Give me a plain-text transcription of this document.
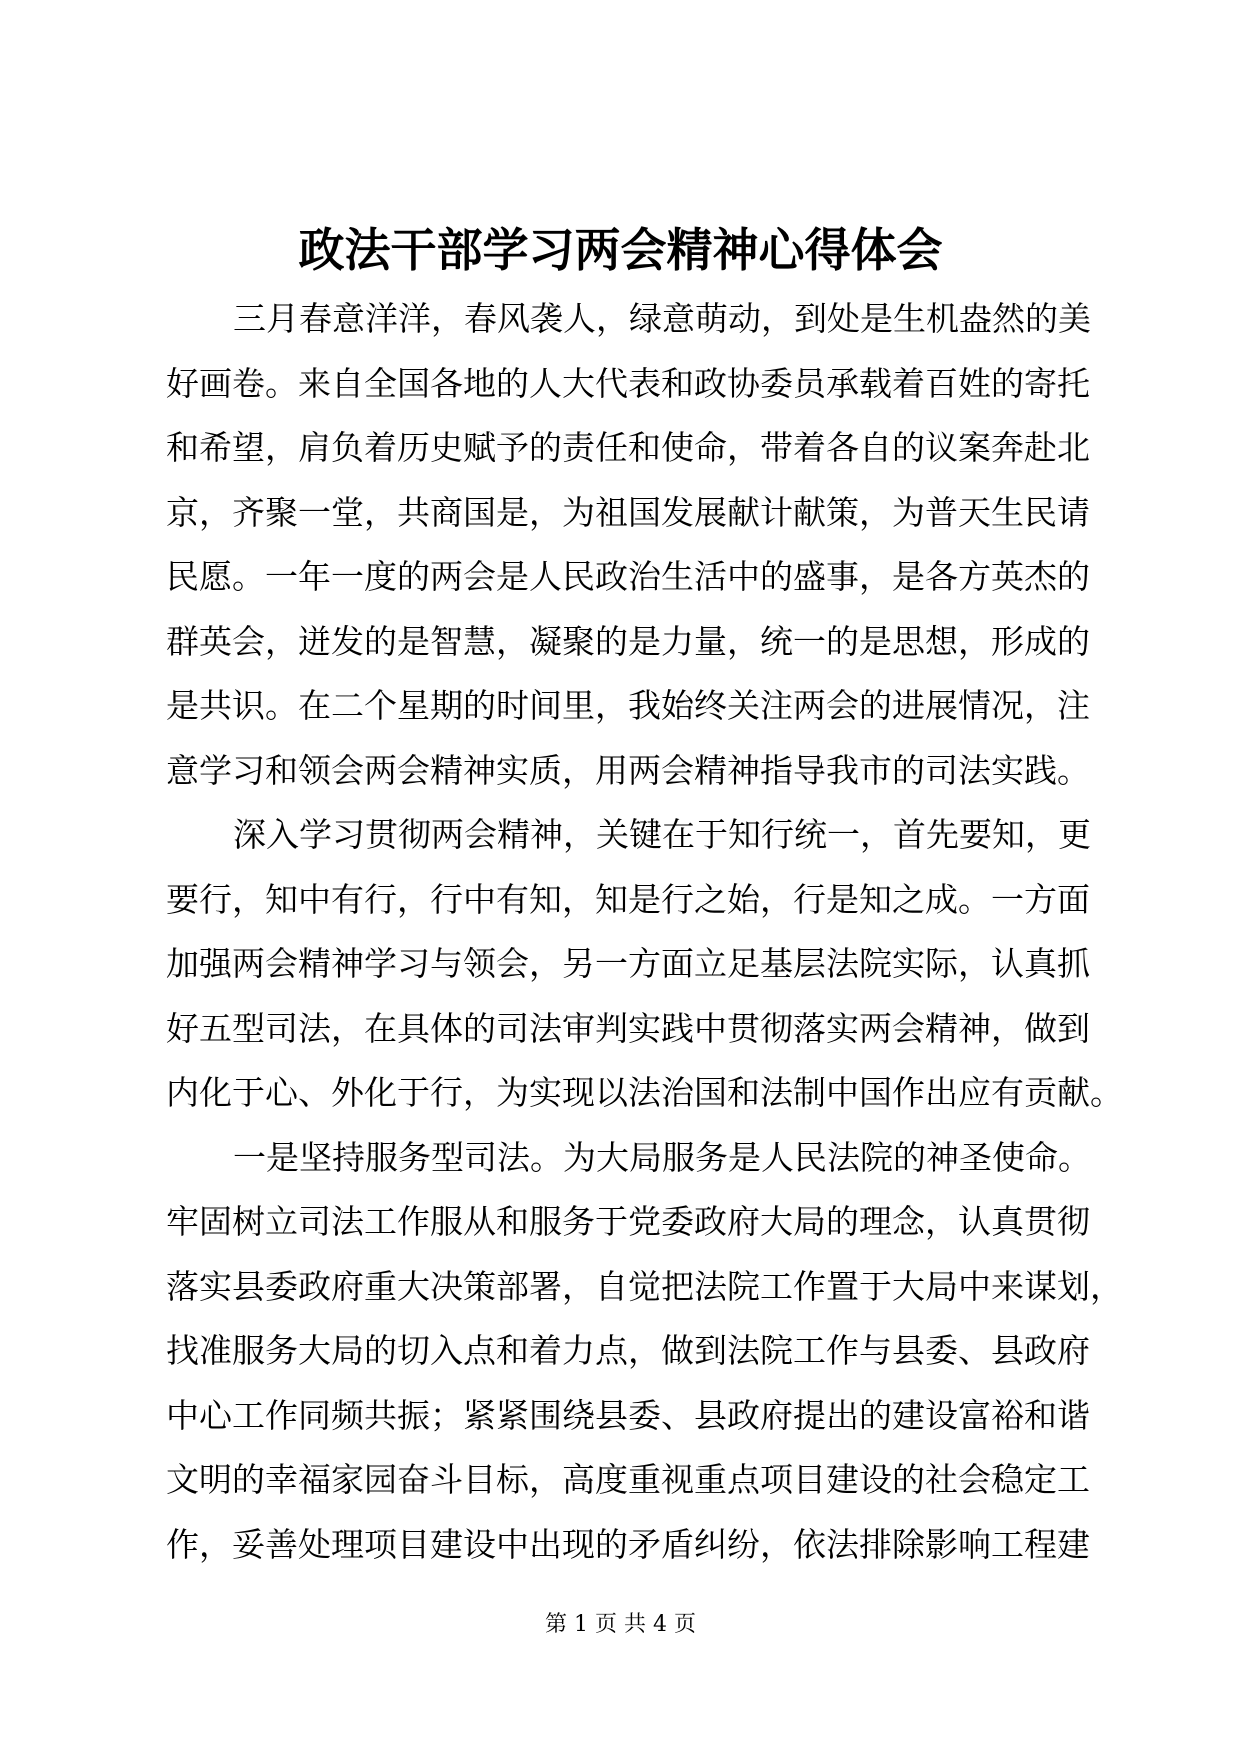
政法干部学习两会精神心得体会
三月春意洋洋，春风袭人，绿意萌动，到处是生机盎然的美
好画卷。来自全国各地的人大代表和政协委员承载着百姓的寄托
和希望，肩负着历史赋予的责任和使命，带着各自的议案奔赴北
京，齐聚一堂，共商国是，为祖国发展献计献策，为普天生民请
民愿。一年一度的两会是人民政治生活中的盛事，是各方英杰的
群英会，迸发的是智慧，凝聚的是力量，统一的是思想，形成的
是共识。在二个星期的时间里，我始终关注两会的进展情况，注
意学习和领会两会精神实质，用两会精神指导我市的司法实践。
深入学习贯彻两会精神，关键在于知行统一，首先要知，更
要行，知中有行，行中有知，知是行之始，行是知之成。一方面
加强两会精神学习与领会，另一方面立足基层法院实际，认真抓
好五型司法，在具体的司法审判实践中贯彻落实两会精神，做到
内化于心、外化于行，为实现以法治国和法制中国作出应有贡献。
一是坚持服务型司法。为大局服务是人民法院的神圣使命。
牢固树立司法工作服从和服务于党委政府大局的理念，认真贯彻
落实县委政府重大决策部署，自觉把法院工作置于大局中来谋划，
找准服务大局的切入点和着力点，做到法院工作与县委、县政府
中心工作同频共振；紧紧围绕县委、县政府提出的建设富裕和谐
文明的幸福家园奋斗目标，高度重视重点项目建设的社会稳定工
作，妥善处理项目建设中出现的矛盾纠纷，依法排除影响工程建
第 1 页 共 4 页
